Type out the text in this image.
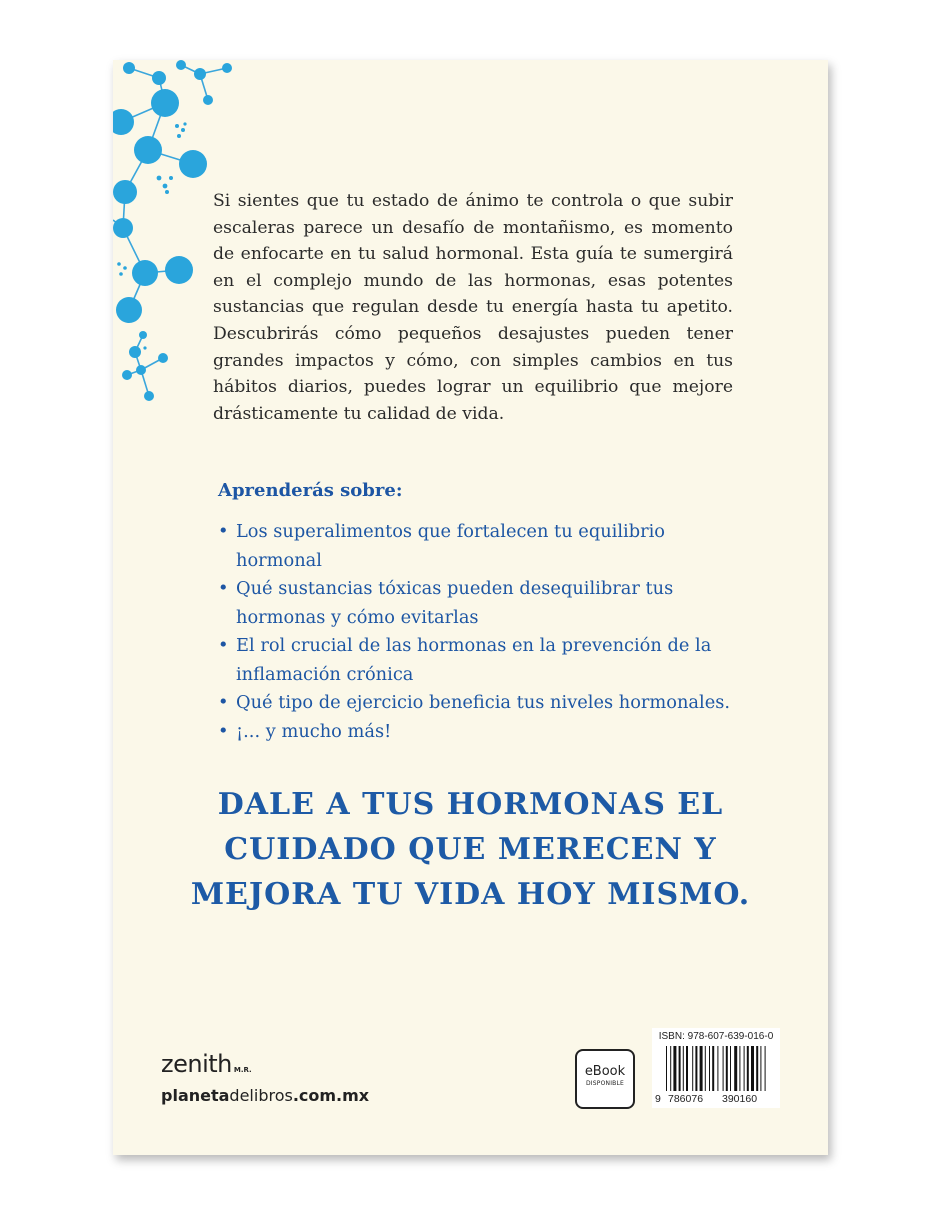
Si sientes que tu estado de ánimo te controla o que subir escaleras parece un desafío de montañismo, es momento de enfocarte en tu salud hormonal. Esta guía te sumergirá en el complejo mundo de las hormonas, esas potentes sustancias que regulan desde tu energía hasta tu apetito. Descubrirás cómo pequeños desajustes pueden tener grandes impactos y cómo, con simples cambios en tus hábitos diarios, puedes lograr un equilibrio que mejore drásticamente tu calidad de vida.

Aprenderás sobre:
• Los superalimentos que fortalecen tu equilibrio hormonal
• Qué sustancias tóxicas pueden desequilibrar tus hormonas y cómo evitarlas
• El rol crucial de las hormonas en la prevención de la inflamación crónica
• Qué tipo de ejercicio beneficia tus niveles hormonales.
• ¡... y mucho más!
DALE A TUS HORMONAS EL
CUIDADO QUE MERECEN Y
MEJORA TU VIDA HOY MISMO.
zenith M.R.
planetadelibros.com.mx
eBook
DISPONIBLE
ISBN: 978-607-639-016-0
9 786076 390160
